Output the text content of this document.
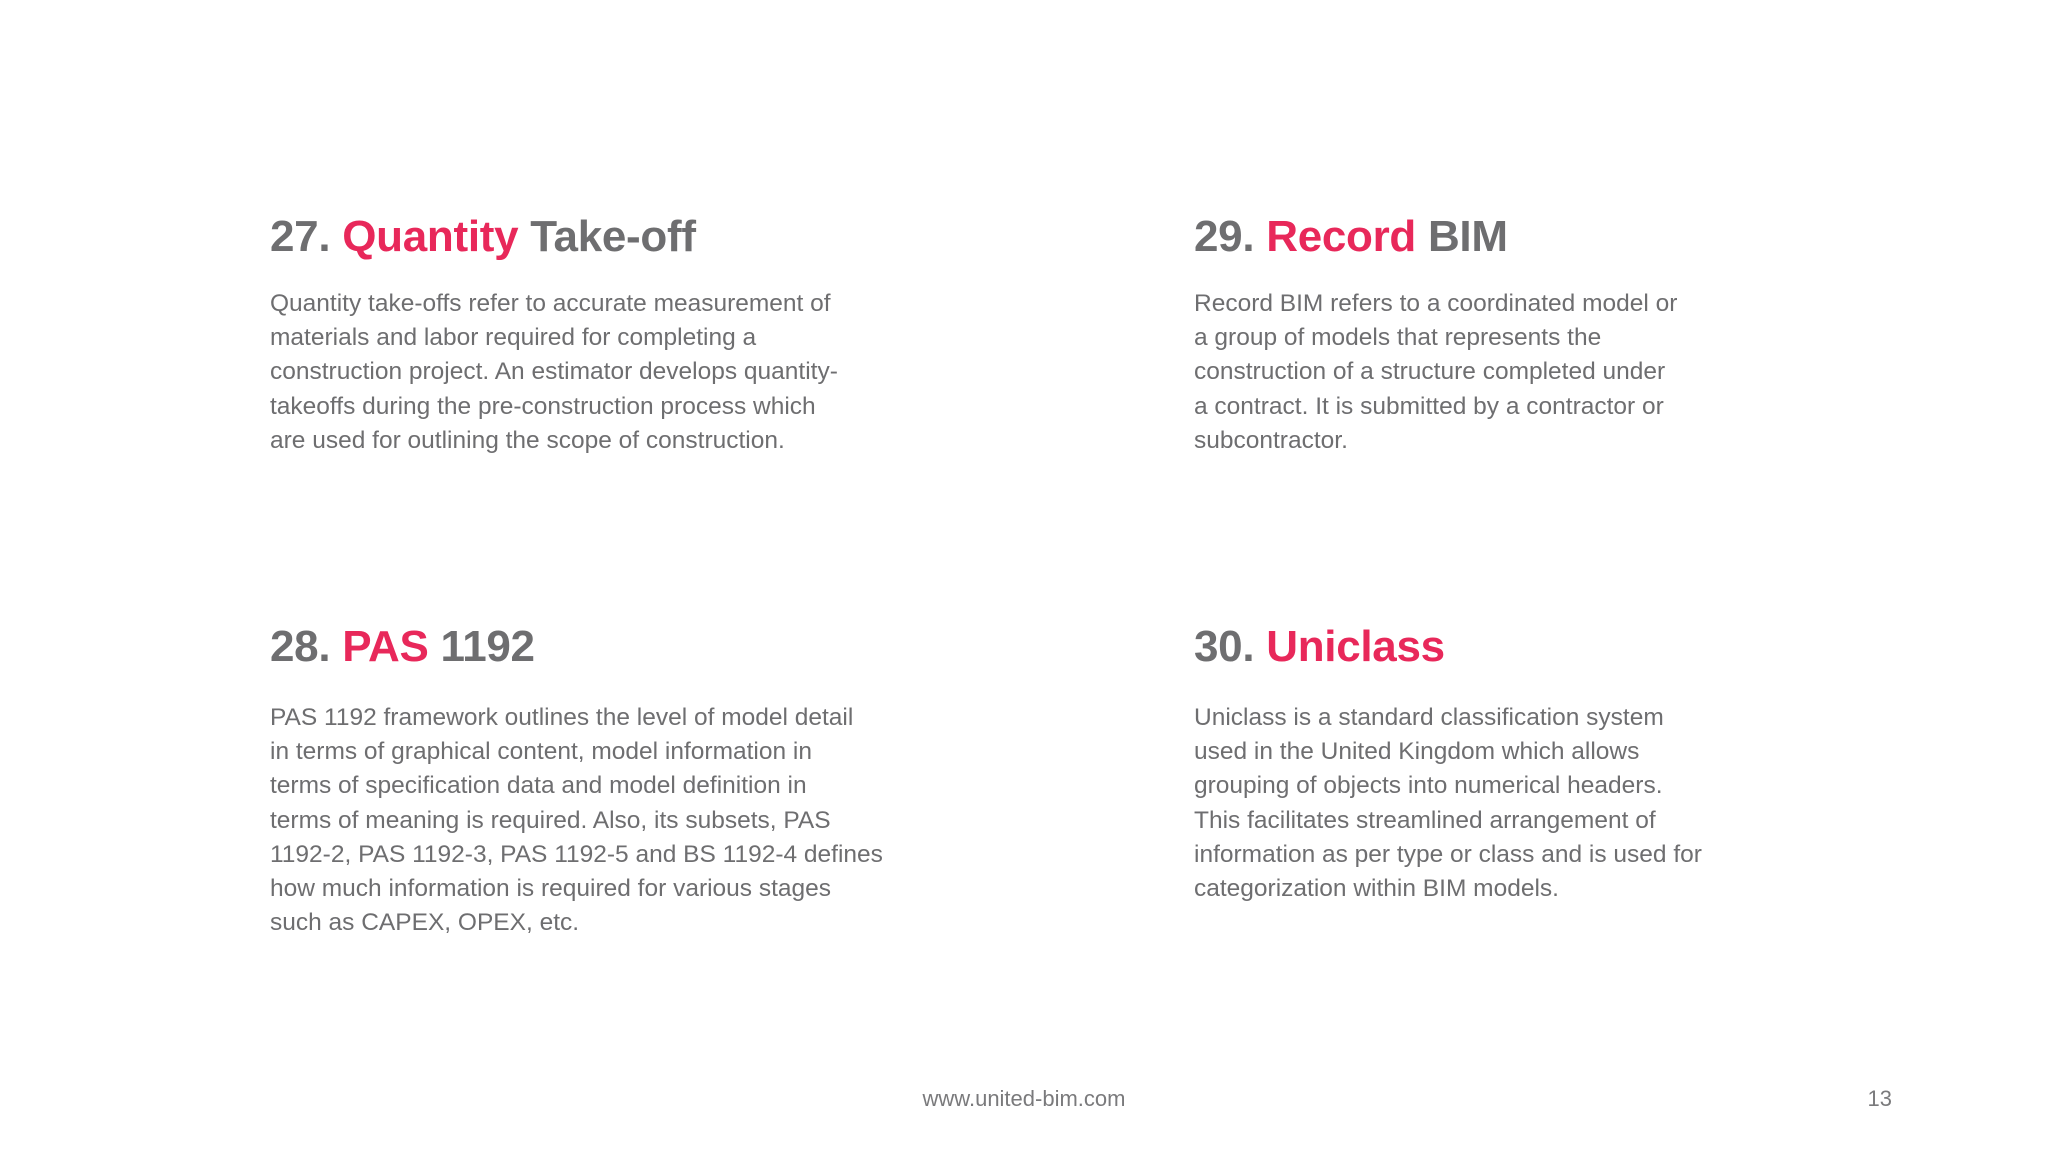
27. Quantity Take-off

Quantity take-offs refer to accurate measurement of
materials and labor required for completing a
construction project. An estimator develops quantity-
takeoffs during the pre-construction process which
are used for outlining the scope of construction.

29. Record BIM

Record BIM refers to a coordinated model or
a group of models that represents the
construction of a structure completed under
a contract. It is submitted by a contractor or
subcontractor.

28. PAS 1192

PAS 1192 framework outlines the level of model detail
in terms of graphical content, model information in
terms of specification data and model definition in
terms of meaning is required. Also, its subsets, PAS
1192-2, PAS 1192-3, PAS 1192-5 and BS 1192-4 defines
how much information is required for various stages
such as CAPEX, OPEX, etc.

30. Uniclass

Uniclass is a standard classification system
used in the United Kingdom which allows
grouping of objects into numerical headers.
This facilitates streamlined arrangement of
information as per type or class and is used for
categorization within BIM models.

www.united-bim.com	13
